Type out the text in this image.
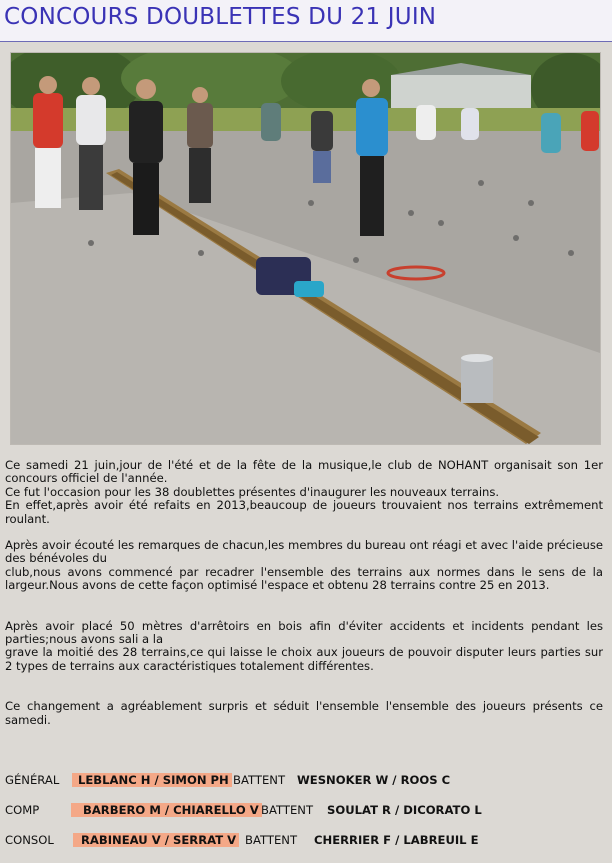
CONCOURS DOUBLETTES DU 21 JUIN

Ce samedi 21 juin,jour de l'été et de la fête de la musique,le club de NOHANT organisait son 1er concours officiel de l'année.

Ce fut l'occasion pour les 38 doublettes présentes d'inaugurer les nouveaux terrains.

En effet,après avoir été refaits en 2013,beaucoup de joueurs trouvaient nos terrains extrêmement roulant.

Après avoir écouté les remarques de chacun,les membres du bureau ont réagi et avec l'aide précieuse des bénévoles du

club,nous avons commencé par recadrer l'ensemble des terrains aux normes dans le sens de la largeur.Nous avons de cette façon optimisé l'espace et obtenu 28 terrains contre 25 en 2013.

Après avoir placé 50 mètres d'arrêtoirs en bois afin d'éviter accidents et incidents pendant les parties;nous avons sali a la

grave la moitié des 28 terrains,ce qui laisse le choix aux joueurs de pouvoir disputer leurs parties sur 2 types de terrains aux caractéristiques totalement différentes.

Ce changement a agréablement surpris et séduit l'ensemble l'ensemble des joueurs présents ce samedi.

GÉNÉRAL	LEBLANC H / SIMON PH BATTENT WESNOKER W / ROOS C
COMP	BARBERO M / CHIARELLO V BATTENT SOULAT R / DICORATO L
CONSOL	RABINEAU V / SERRAT V BATTENT CHERRIER F / LABREUIL E
